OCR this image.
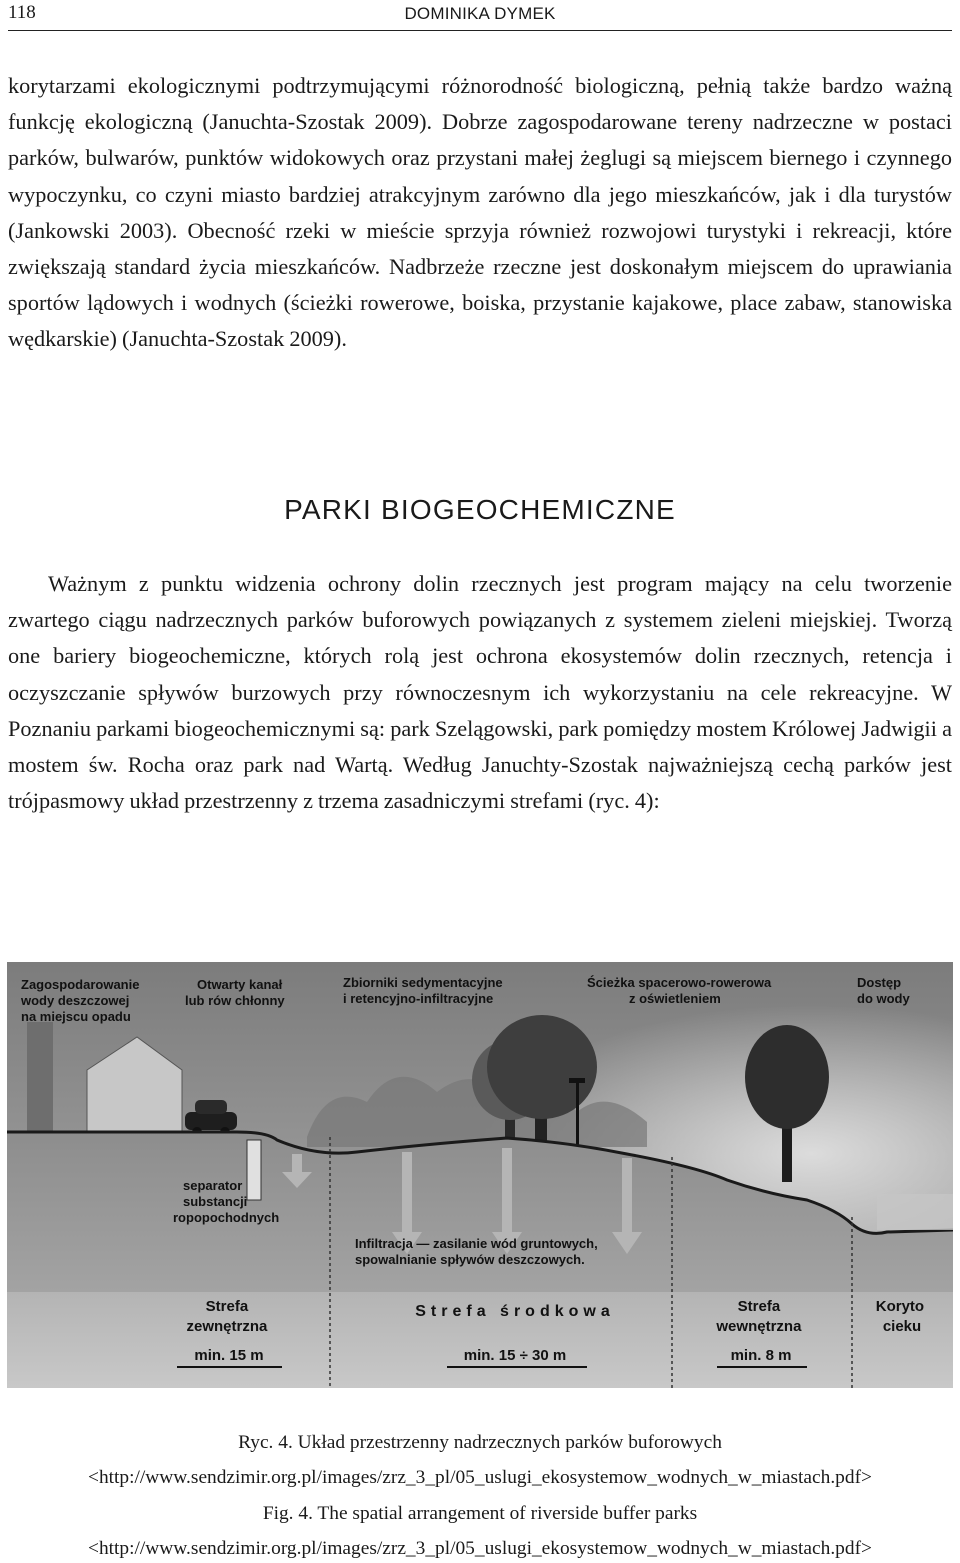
118	DOMINIKA DYMEK

korytarzami ekologicznymi podtrzymującymi różnorodność biologiczną, pełnią także bardzo ważną funkcję ekologiczną (Januchta-Szostak 2009). Dobrze zagospodarowane tereny nadrzeczne w postaci parków, bulwarów, punktów widokowych oraz przystani małej żeglugi są miejscem biernego i czynnego wypoczynku, co czyni miasto bardziej atrakcyjnym zarówno dla jego mieszkańców, jak i dla turystów (Jankowski 2003). Obecność rzeki w mieście sprzyja również rozwojowi turystyki i rekreacji, które zwiększają standard życia mieszkańców. Nadbrzeże rzeczne jest doskonałym miejscem do uprawiania sportów lądowych i wodnych (ścieżki rowerowe, boiska, przystanie kajakowe, place zabaw, stanowiska wędkarskie) (Januchta-Szostak 2009).

PARKI BIOGEOCHEMICZNE

Ważnym z punktu widzenia ochrony dolin rzecznych jest program mający na celu tworzenie zwartego ciągu nadrzecznych parków buforowych powiązanych z systemem zieleni miejskiej. Tworzą one bariery biogeochemiczne, których rolą jest ochrona ekosystemów dolin rzecznych, retencja i oczyszczanie spływów burzowych przy równoczesnym ich wykorzystaniu na cele rekreacyjne. W Poznaniu parkami biogeochemicznymi są: park Szelągowski, park pomiędzy mostem Królowej Jadwigii a mostem św. Rocha oraz park nad Wartą. Według Januchty-Szostak najważniejszą cechą parków jest trójpasmowy układ przestrzenny z trzema zasadniczymi strefami (ryc. 4):

Zagospodarowanie wody deszczowej na miejscu opadu
Otwarty kanał lub rów chłonny
Zbiorniki sedymentacyjne i retencyjno-infiltracyjne
Ścieżka spacerowo-rowerowa z oświetleniem
Dostęp do wody
separator substancji ropopochodnych
Infiltracja — zasilanie wód gruntowych, spowalnianie spływów deszczowych.
Strefa zewnętrzna min. 15 m
Strefa środkowa
min. 15 ÷ 30 m
Strefa wewnętrzna min. 8 m
Koryto cieku
Ryc. 4. Układ przestrzenny nadrzecznych parków buforowych
<http://www.sendzimir.org.pl/images/zrz_3_pl/05_uslugi_ekosystemow_wodnych_w_miastach.pdf>
Fig. 4. The spatial arrangement of riverside buffer parks
<http://www.sendzimir.org.pl/images/zrz_3_pl/05_uslugi_ekosystemow_wodnych_w_miastach.pdf>
